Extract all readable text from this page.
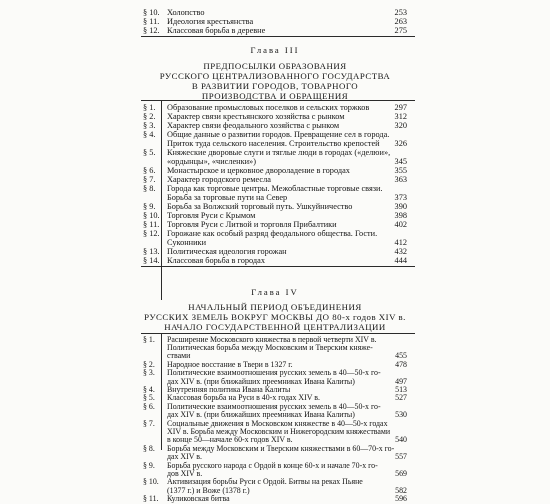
§ 10. Холопство	253
§ 11. Идеология крестьянства	263
§ 12. Классовая борьба в деревне	275
Глава III
ПРЕДПОСЫЛКИ ОБРАЗОВАНИЯ
РУССКОГО ЦЕНТРАЛИЗОВАННОГО ГОСУДАРСТВА
В РАЗВИТИИ ГОРОДОВ, ТОВАРНОГО
ПРОИЗВОДСТВА И ОБРАЩЕНИЯ
§ 1. Образование промысловых поселков и сельских торжков	297
§ 2. Характер связи крестьянского хозяйства с рынком	312
§ 3. Характер связи феодального хозяйства с рынком	320
§ 4. Общие данные о развитии городов. Превращение сел в города.
Приток туда сельского населения. Строительство крепостей	326
§ 5. Княжеские дворовые слуги и тяглые люди в городах («делюи»,
«ордынцы», «численки»)	345
§ 6. Монастырское и церковное двороладение в городах	355
§ 7. Характер городского ремесла	363
§ 8. Города как торговые центры. Межобластные торговые связи.
Борьба за торговые пути на Север	373
§ 9. Борьба за Волжский торговый путь. Ушкуйничество	390
§ 10. Торговля Руси с Крымом	398
§ 11. Торговля Руси с Литвой и торговля Прибалтики	402
§ 12. Горожане как особый разряд феодального общества. Гости.
Суконники	412
§ 13. Политическая идеология горожан	432
§ 14. Классовая борьба в городах	444
Глава IV
НАЧАЛЬНЫЙ ПЕРИОД ОБЪЕДИНЕНИЯ
РУССКИХ ЗЕМЕЛЬ ВОКРУГ МОСКВЫ ДО 80-х годов XIV в.
НАЧАЛО ГОСУДАРСТВЕННОЙ ЦЕНТРАЛИЗАЦИИ
§ 1. Расширение Московского княжества в первой четверти XIV в.
Политическая борьба между Московским и Тверским княже-
ствами	455
§ 2. Народное восстание в Твери в 1327 г.	478
§ 3. Политические взаимоотношения русских земель в 40—50-х го-
дах XIV в. (при ближайших преемниках Ивана Калиты)	497
§ 4. Внутренняя политика Ивана Калиты	513
§ 5. Классовая борьба на Руси в 40-х годах XIV в.	527
§ 6. Политические взаимоотношения русских земель в 40—50-х го-
дах XIV в. (при ближайших преемниках Ивана Калиты)	530
§ 7. Социальные движения в Московском княжестве в 40—50-х годах
XIV в. Борьба между Московским и Нижегородским княжествами
в конце 50—начале 60-х годов XIV в.	540
§ 8. Борьба между Московским и Тверским княжествами в 60—70-х го-
дах XIV в.	557
§ 9. Борьба русского народа с Ордой в конце 60-х и начале 70-х го-
дов XIV в.	569
§ 10. Активизация борьбы Руси с Ордой. Битвы на реках Пьяне
(1377 г.) и Воже (1378 г.)	582
§ 11. Куликовская битва	596
